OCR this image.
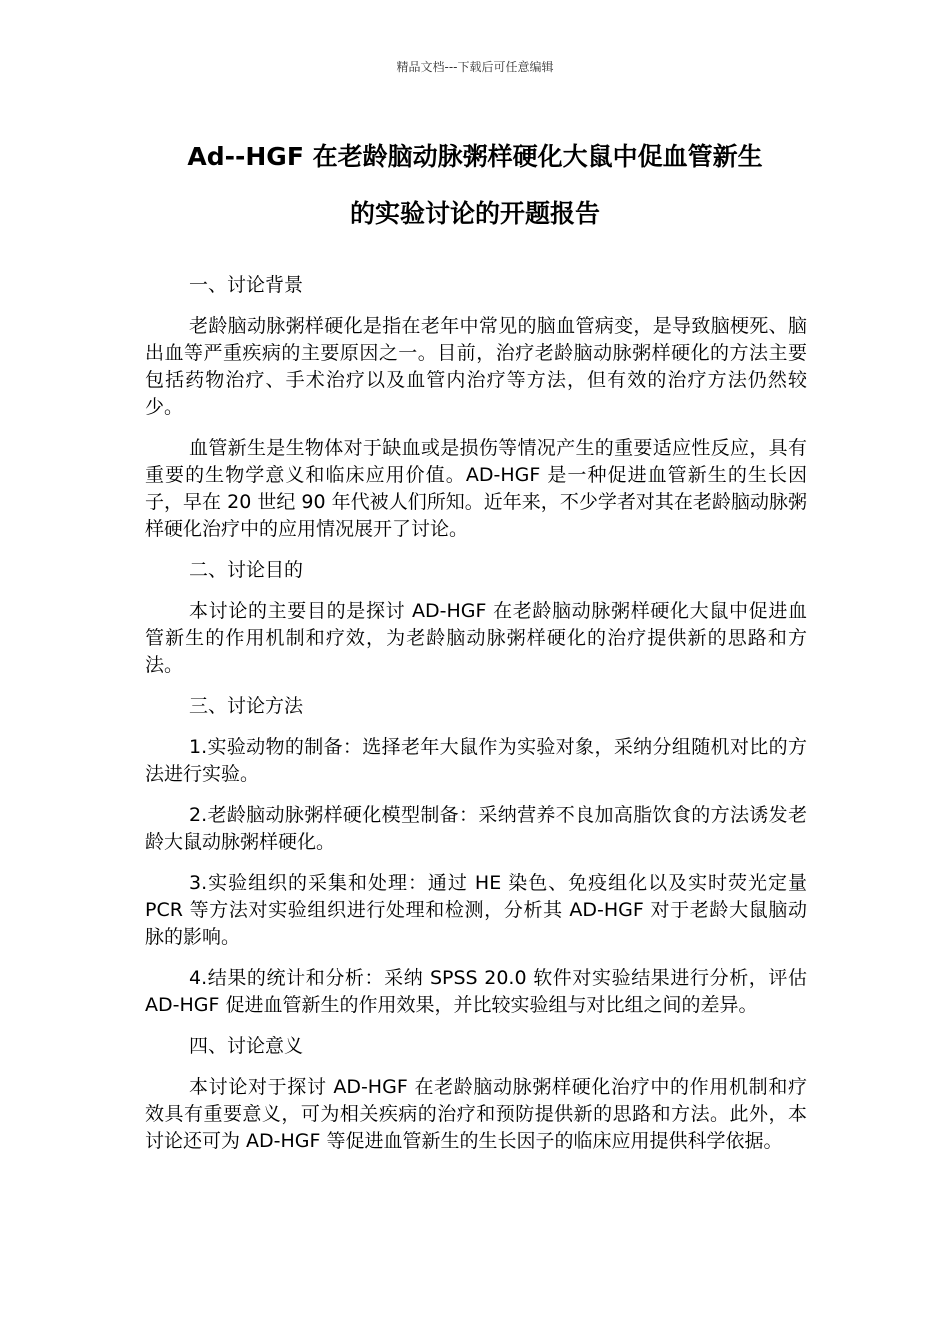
精品文档---下载后可任意编辑
Ad--HGF 在老龄脑动脉粥样硬化大鼠中促血管新生
的实验讨论的开题报告

一、讨论背景

老龄脑动脉粥样硬化是指在老年中常见的脑血管病变，是导致脑梗死、脑出血等严重疾病的主要原因之一。目前，治疗老龄脑动脉粥样硬化的方法主要包括药物治疗、手术治疗以及血管内治疗等方法，但有效的治疗方法仍然较少。

血管新生是生物体对于缺血或是损伤等情况产生的重要适应性反应，具有重要的生物学意义和临床应用价值。AD-HGF 是一种促进血管新生的生长因子，早在 20 世纪 90 年代被人们所知。近年来，不少学者对其在老龄脑动脉粥样硬化治疗中的应用情况展开了讨论。

二、讨论目的

本讨论的主要目的是探讨 AD-HGF 在老龄脑动脉粥样硬化大鼠中促进血管新生的作用机制和疗效，为老龄脑动脉粥样硬化的治疗提供新的思路和方法。

三、讨论方法

1.实验动物的制备：选择老年大鼠作为实验对象，采纳分组随机对比的方法进行实验。

2.老龄脑动脉粥样硬化模型制备：采纳营养不良加高脂饮食的方法诱发老龄大鼠动脉粥样硬化。

3.实验组织的采集和处理：通过 HE 染色、免疫组化以及实时荧光定量 PCR 等方法对实验组织进行处理和检测，分析其 AD-HGF 对于老龄大鼠脑动脉的影响。

4.结果的统计和分析：采纳 SPSS 20.0 软件对实验结果进行分析，评估 AD-HGF 促进血管新生的作用效果，并比较实验组与对比组之间的差异。

四、讨论意义

本讨论对于探讨 AD-HGF 在老龄脑动脉粥样硬化治疗中的作用机制和疗效具有重要意义，可为相关疾病的治疗和预防提供新的思路和方法。此外，本讨论还可为 AD-HGF 等促进血管新生的生长因子的临床应用提供科学依据。
